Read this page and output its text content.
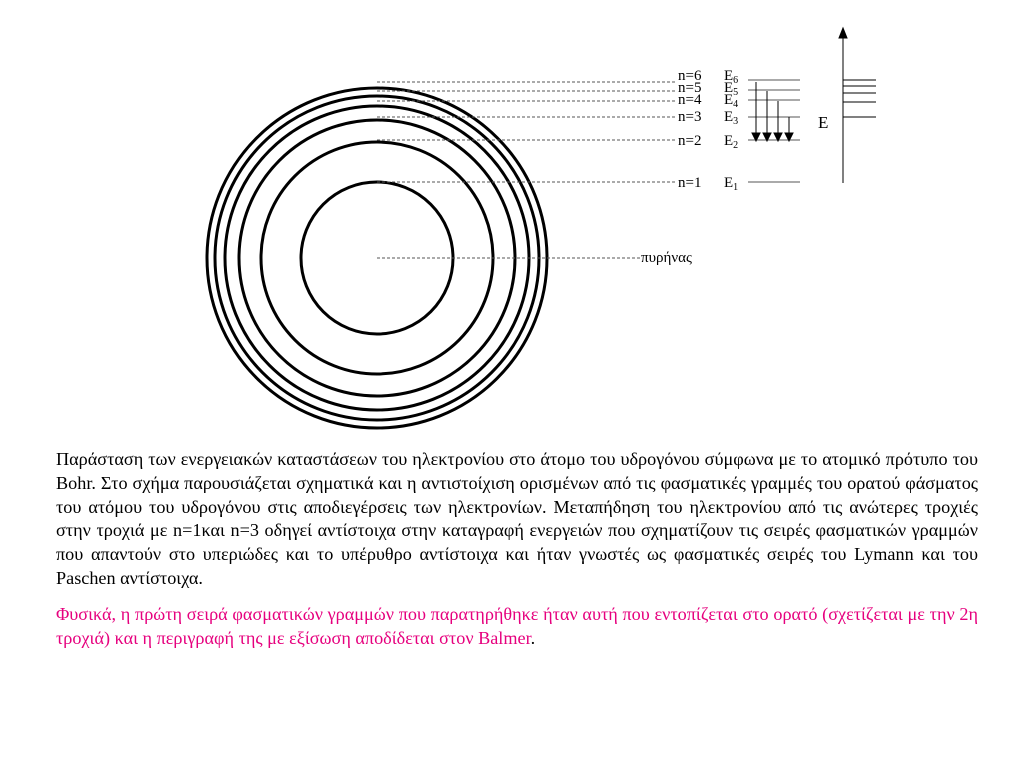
n=6
n=5
n=4
n=3
n=2
n=1
$E_6$
$E_5$
$E_4$
$E_3$
$E_2$
$E_1$
E
πυρήνας

Παράσταση των ενεργειακών καταστάσεων του ηλεκτρονίου στο άτομο του υδρογόνου σύμφωνα με το ατομικό πρότυπο του Bohr. Στο σχήμα παρουσιάζεται σχηματικά και η αντιστοίχιση ορισμένων από τις φασματικές γραμμές του ορατού φάσματος του ατόμου του υδρογόνου στις αποδιεγέρσεις των ηλεκτρονίων. Μεταπήδηση του ηλεκτρονίου από τις ανώτερες τροχιές στην τροχιά με n=1και n=3 οδηγεί αντίστοιχα στην καταγραφή ενεργειών που σχηματίζουν τις σειρές φασματικών γραμμών που απαντούν στο υπεριώδες και το υπέρυθρο αντίστοιχα και ήταν γνωστές ως φασματικές σειρές του Lymann και του Paschen αντίστοιχα.

Φυσικά, η πρώτη σειρά φασματικών γραμμών που παρατηρήθηκε ήταν αυτή που εντοπίζεται στο ορατό (σχετίζεται με την 2η τροχιά) και η περιγραφή της με εξίσωση αποδίδεται στον Balmer.
